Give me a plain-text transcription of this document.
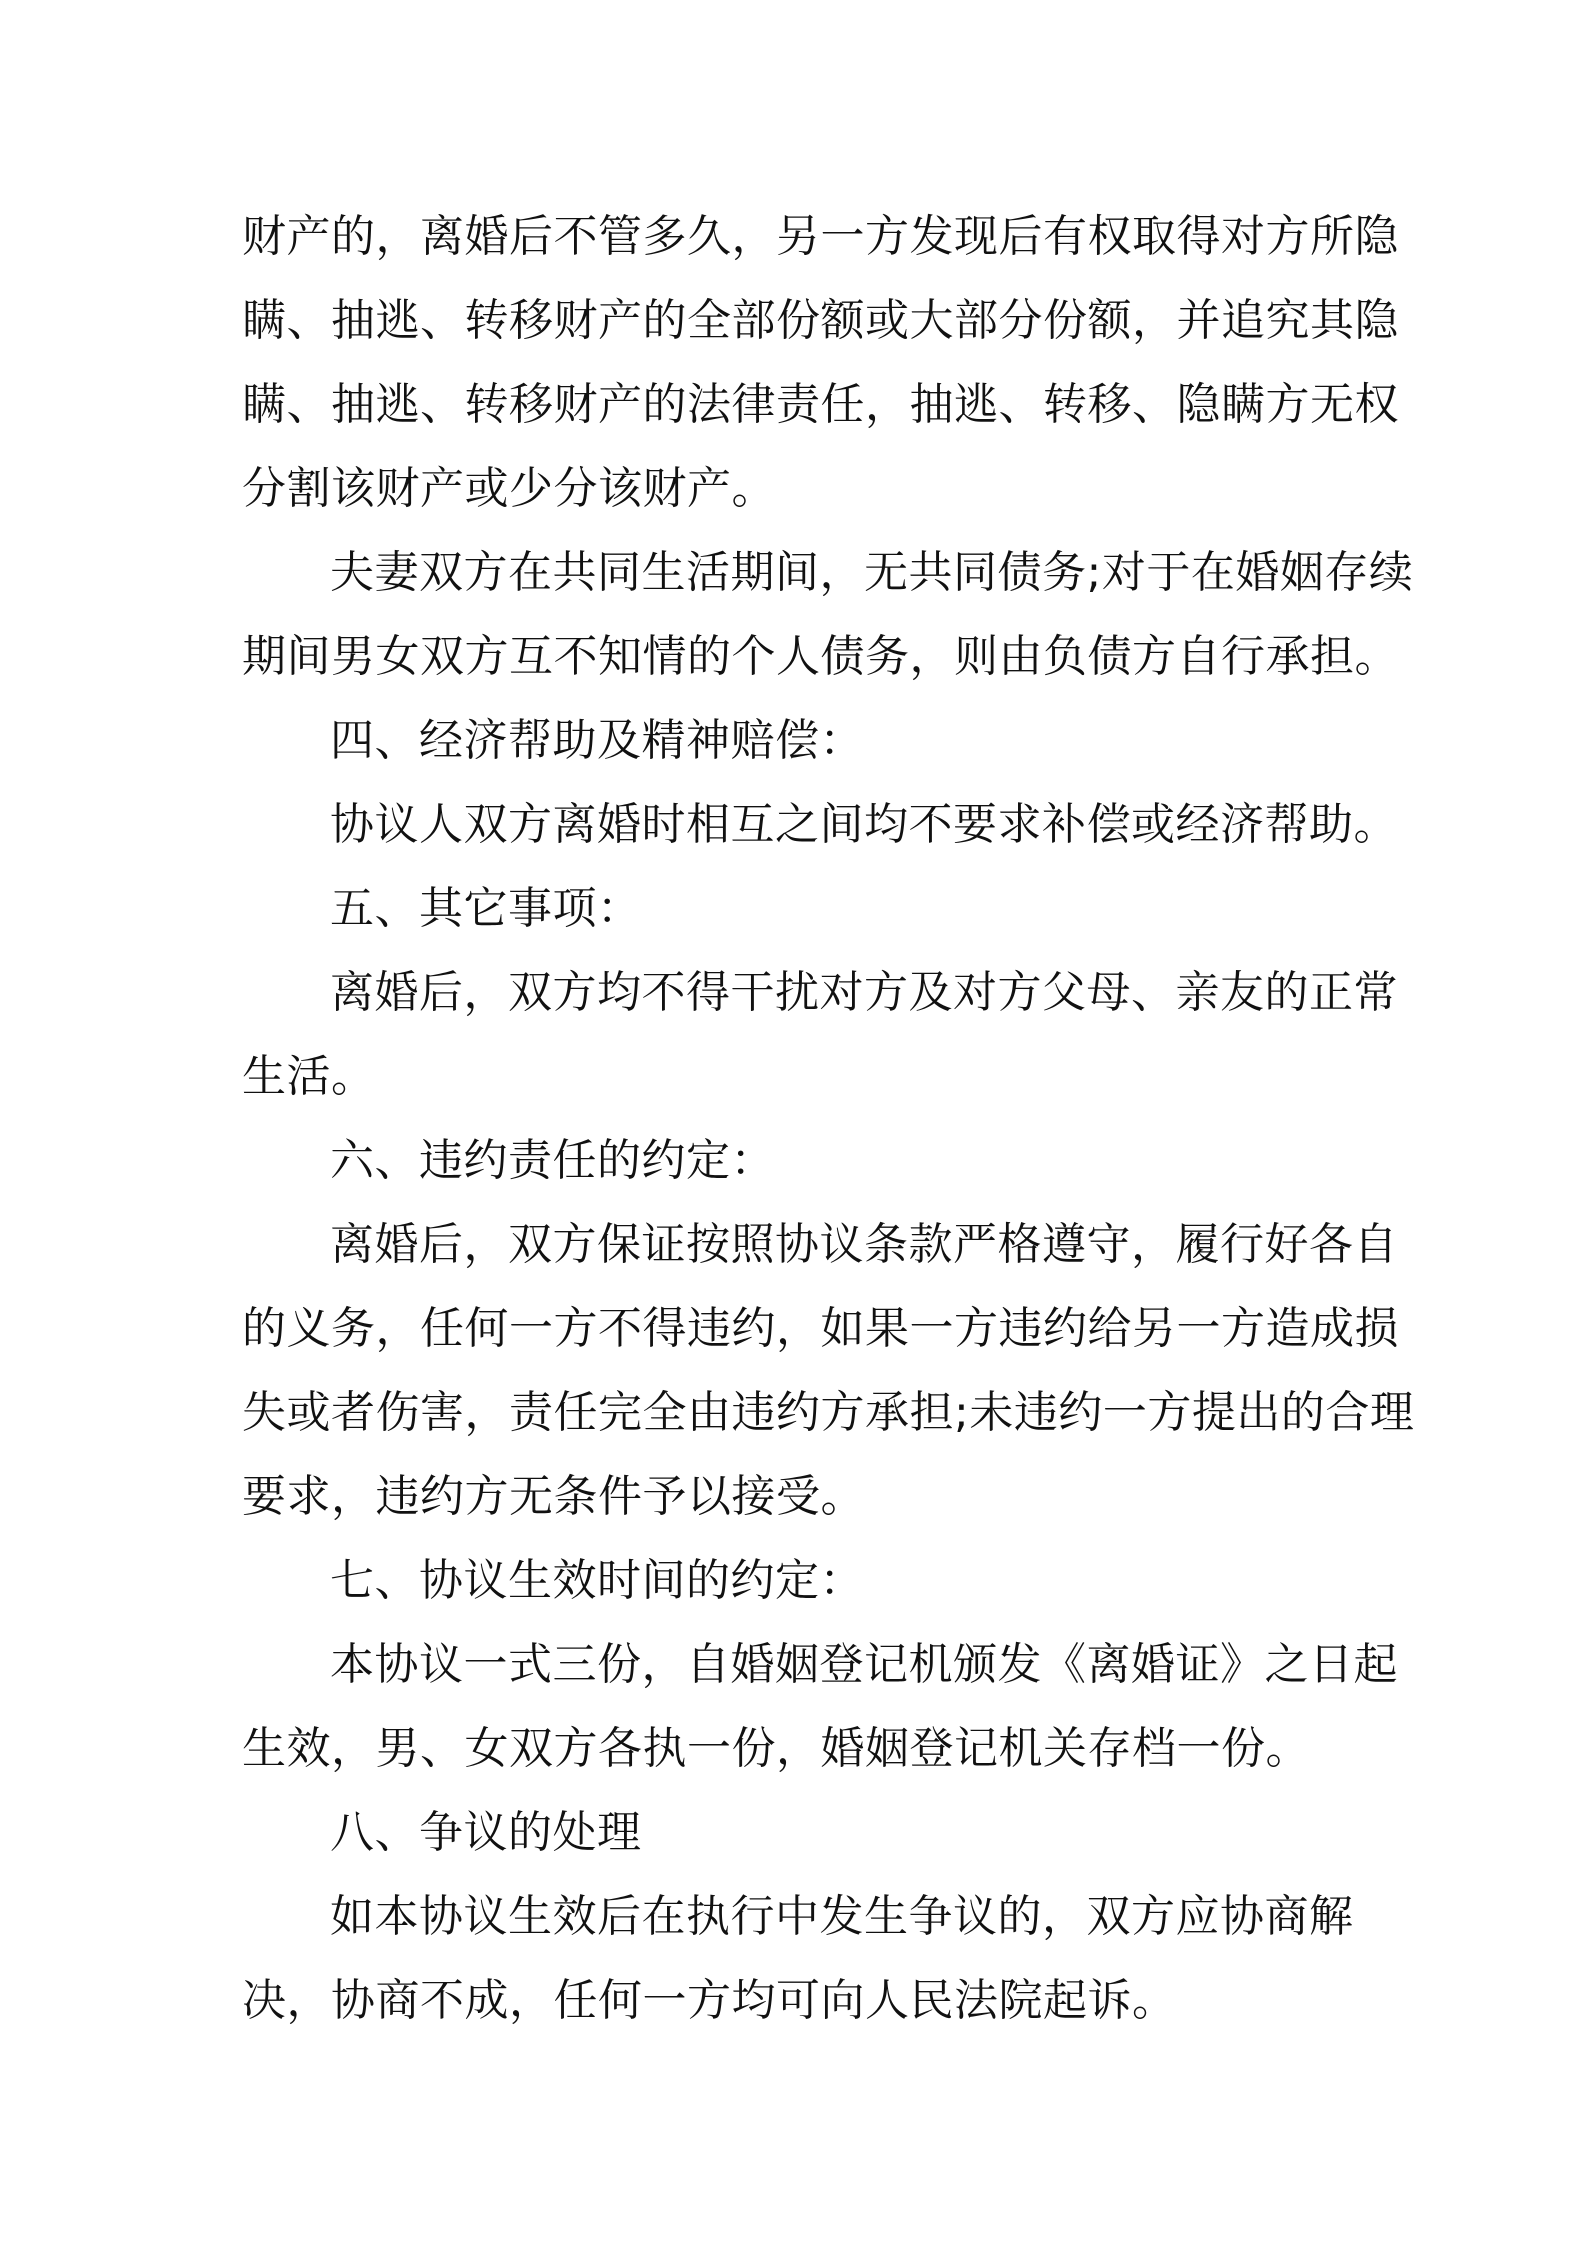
财产的，离婚后不管多久，另一方发现后有权取得对方所隐
瞒、抽逃、转移财产的全部份额或大部分份额，并追究其隐
瞒、抽逃、转移财产的法律责任，抽逃、转移、隐瞒方无权
分割该财产或少分该财产。
夫妻双方在共同生活期间，无共同债务;对于在婚姻存续
期间男女双方互不知情的个人债务，则由负债方自行承担。
四、经济帮助及精神赔偿：
协议人双方离婚时相互之间均不要求补偿或经济帮助。
五、其它事项：
离婚后，双方均不得干扰对方及对方父母、亲友的正常
生活。
六、违约责任的约定：
离婚后，双方保证按照协议条款严格遵守，履行好各自
的义务，任何一方不得违约，如果一方违约给另一方造成损
失或者伤害，责任完全由违约方承担;未违约一方提出的合理
要求，违约方无条件予以接受。
七、协议生效时间的约定：
本协议一式三份，自婚姻登记机颁发《离婚证》之日起
生效，男、女双方各执一份，婚姻登记机关存档一份。
八、争议的处理
如本协议生效后在执行中发生争议的，双方应协商解
决，协商不成，任何一方均可向人民法院起诉。
